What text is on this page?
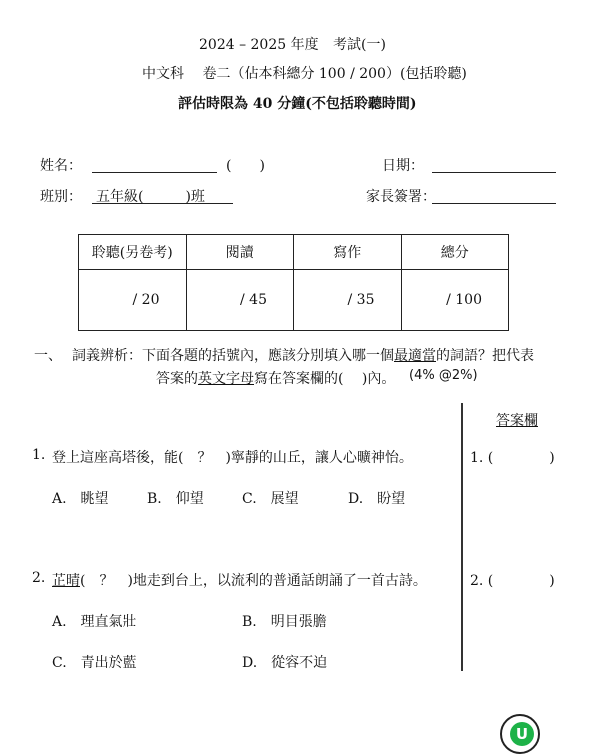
2024 – 2025 年度 考試(一)
中文科　 卷二（佔本科總分 100 / 200）(包括聆聽)
評估時限為 40 分鐘(不包括聆聽時間)
姓名：	(　　)	日期：
班別： 五年級(　　　)班	家長簽署：
聆聽(另卷考)	閱讀	寫作	總分
/ 20	/ 45	/ 35	/ 100
一、 詞義辨析：下面各題的括號內，應該分別填入哪一個最適當的詞語？把代表
答案的英文字母寫在答案欄的(　 )內。 (4% @2%)
答案欄
1. 登上這座高塔後，能(　？　)寧靜的山丘，讓人心曠神怡。	1. (　　　　)
A.　眺望	B.　仰望	C.　展望	D.　盼望
2. 芷晴(　？　)地走到台上，以流利的普通話朗誦了一首古詩。	2. (　　　　)
A.　理直氣壯	B.　明目張膽
C.　青出於藍	D.　從容不迫
U
